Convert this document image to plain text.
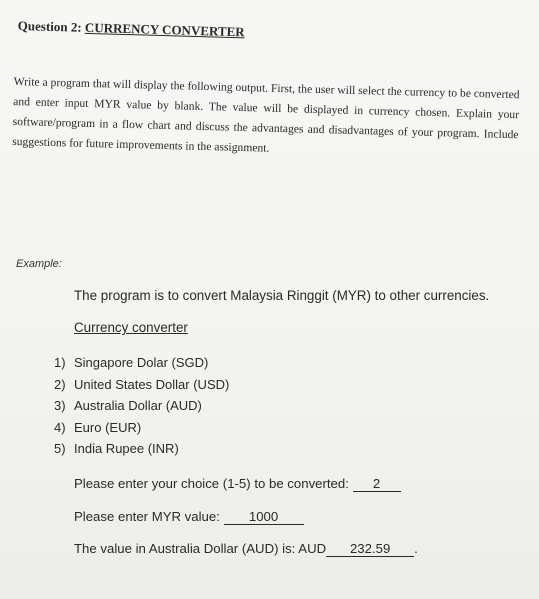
Question 2: CURRENCY CONVERTER

Write a program that will display the following output. First, the user will select the currency to be converted and enter input MYR value by blank. The value will be displayed in currency chosen. Explain your software/program in a flow chart and discuss the advantages and disadvantages of your program. Include suggestions for future improvements in the assignment.

Example:
The program is to convert Malaysia Ringgit (MYR) to other currencies.
Currency converter
1) Singapore Dolar (SGD)
2) United States Dollar (USD)
3) Australia Dollar (AUD)
4) Euro (EUR)
5) India Rupee (INR)
Please enter your choice (1-5) to be converted: 2
Please enter MYR value: 1000
The value in Australia Dollar (AUD) is: AUD 232.59 .
